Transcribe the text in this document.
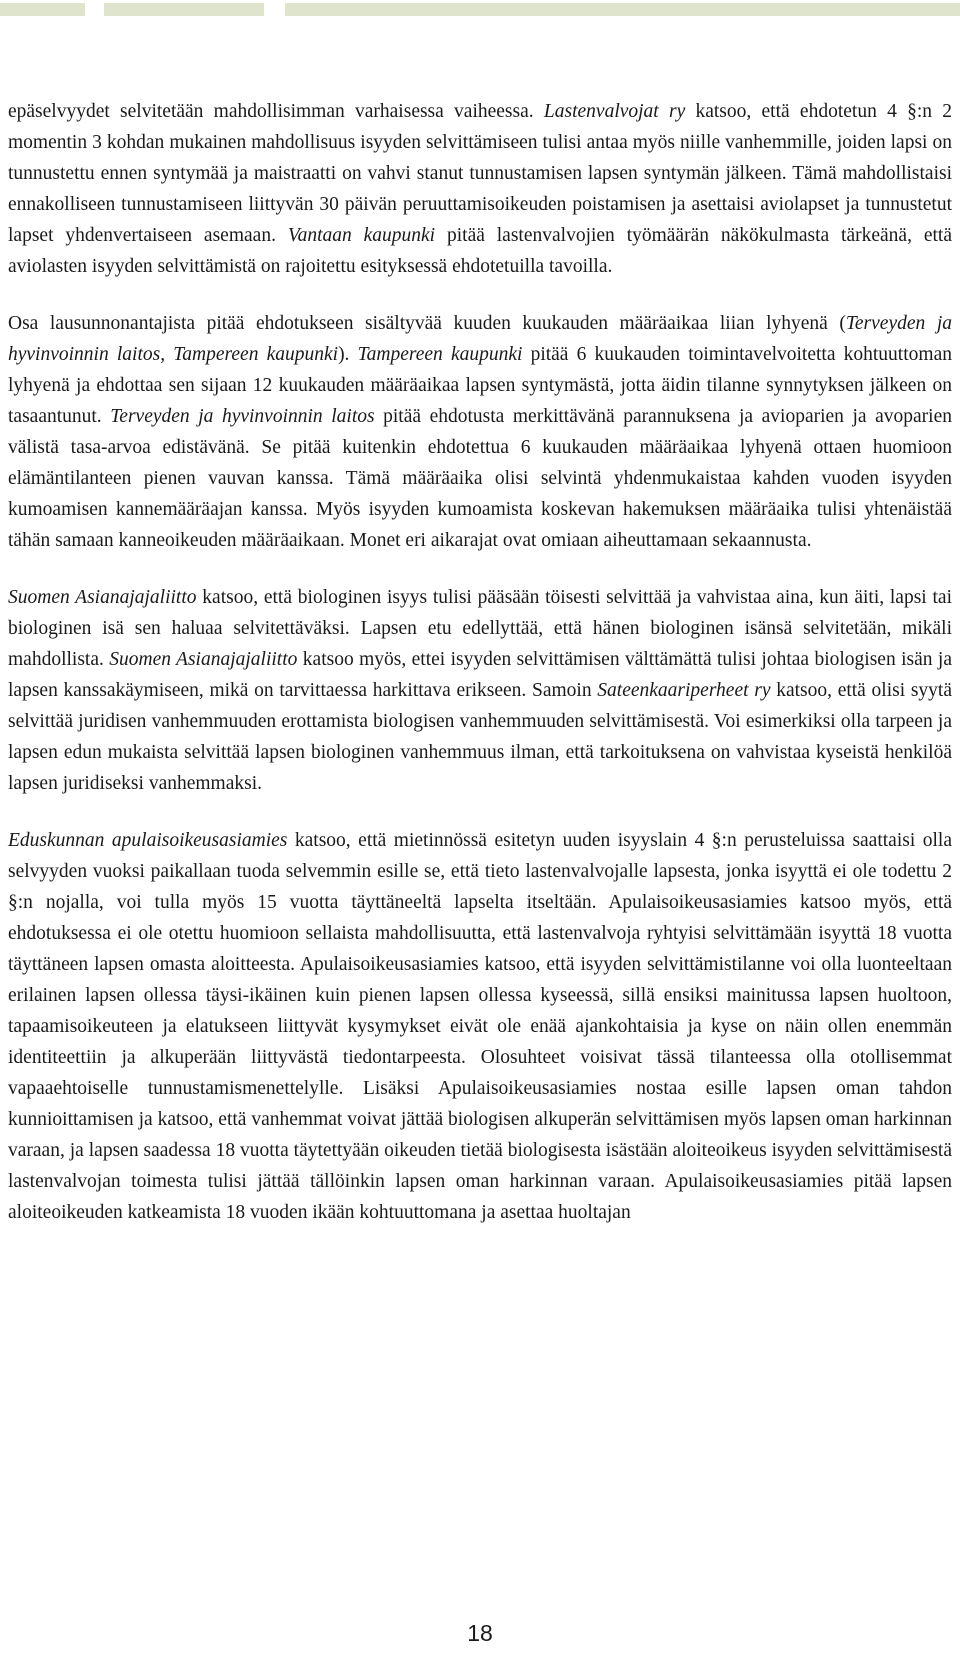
epäselvyydet selvitetään mahdollisimman varhaisessa vaiheessa. Lastenvalvojat ry katsoo, että ehdotetun 4 §:n 2 momentin 3 kohdan mukainen mahdollisuus isyyden selvittämiseen tulisi antaa myös niille vanhemmille, joiden lapsi on tunnustettu ennen syntymää ja maistraatti on vahvi stanut tunnustamisen lapsen syntymän jälkeen. Tämä mahdollistaisi ennakolliseen tunnustamiseen liittyvän 30 päivän peruuttamisoikeuden poistamisen ja asettaisi aviolapset ja tunnustetut lapset yhdenvertaiseen asemaan. Vantaan kaupunki pitää lastenvalvojien työmäärän näkökulmasta tärkeänä, että aviolasten isyyden selvittämistä on rajoitettu esityksessä ehdotetuilla tavoilla.

Osa lausunnonantajista pitää ehdotukseen sisältyvää kuuden kuukauden määräaikaa liian lyhyenä (Terveyden ja hyvinvoinnin laitos, Tampereen kaupunki). Tampereen kaupunki pitää 6 kuukauden toimintavelvoitetta kohtuuttoman lyhyenä ja ehdottaa sen sijaan 12 kuukauden määräaikaa lapsen syntymästä, jotta äidin tilanne synnytyksen jälkeen on tasaantunut. Terveyden ja hyvinvoinnin laitos pitää ehdotusta merkittävänä parannuksena ja avioparien ja avoparien välistä tasa-arvoa edistävänä. Se pitää kuitenkin ehdotettua 6 kuukauden määräaikaa lyhyenä ottaen huomioon elämäntilanteen pienen vauvan kanssa. Tämä määräaika olisi selvintä yhdenmukaistaa kahden vuoden isyyden kumoamisen kannemääräajan kanssa. Myös isyyden kumoamista koskevan hakemuksen määräaika tulisi yhtenäistää tähän samaan kanneoikeuden määräaikaan. Monet eri aikarajat ovat omiaan aiheuttamaan sekaannusta.

Suomen Asianajajaliitto katsoo, että biologinen isyys tulisi pääsään töisesti selvittää ja vahvistaa aina, kun äiti, lapsi tai biologinen isä sen haluaa selvitettäväksi. Lapsen etu edellyttää, että hänen biologinen isänsä selvitetään, mikäli mahdollista. Suomen Asianajajaliitto katsoo myös, ettei isyyden selvittämisen välttämättä tulisi johtaa biologisen isän ja lapsen kanssakäymiseen, mikä on tarvittaessa harkittava erikseen. Samoin Sateenkaariperheet ry katsoo, että olisi syytä selvittää juridisen vanhemmuuden erottamista biologisen vanhemmuuden selvittämisestä. Voi esimerkiksi olla tarpeen ja lapsen edun mukaista selvittää lapsen biologinen vanhemmuus ilman, että tarkoituksena on vahvistaa kyseistä henkilöä lapsen juridiseksi vanhemmaksi.

Eduskunnan apulaisoikeusasiamies katsoo, että mietinnössä esitetyn uuden isyyslain 4 §:n perusteluissa saattaisi olla selvyyden vuoksi paikallaan tuoda selvemmin esille se, että tieto lastenvalvojalle lapsesta, jonka isyyttä ei ole todettu 2 §:n nojalla, voi tulla myös 15 vuotta täyttäneeltä lapselta itseltään. Apulaisoikeusasiamies katsoo myös, että ehdotuksessa ei ole otettu huomioon sellaista mahdollisuutta, että lastenvalvoja ryhtyisi selvittämään isyyttä 18 vuotta täyttäneen lapsen omasta aloitteesta. Apulaisoikeusasiamies katsoo, että isyyden selvittämistilanne voi olla luonteeltaan erilainen lapsen ollessa täysi-ikäinen kuin pienen lapsen ollessa kyseessä, sillä ensiksi mainitussa lapsen huoltoon, tapaamisoikeuteen ja elatukseen liittyvät kysymykset eivät ole enää ajankohtaisia ja kyse on näin ollen enemmän identiteettiin ja alkuperään liittyvästä tiedontarpeesta. Olosuhteet voisivat tässä tilanteessa olla otollisemmat vapaaehtoiselle tunnustamismenettelylle. Lisäksi Apulaisoikeusasiamies nostaa esille lapsen oman tahdon kunnioittamisen ja katsoo, että vanhemmat voivat jättää biologisen alkuperän selvittämisen myös lapsen oman harkinnan varaan, ja lapsen saadessa 18 vuotta täytettyään oikeuden tietää biologisesta isästään aloiteoikeus isyyden selvittämisestä lastenvalvojan toimesta tulisi jättää tällöinkin lapsen oman harkinnan varaan. Apulaisoikeusasiamies pitää lapsen aloiteoikeuden katkeamista 18 vuoden ikään kohtuuttomana ja asettaa huoltajan

18
